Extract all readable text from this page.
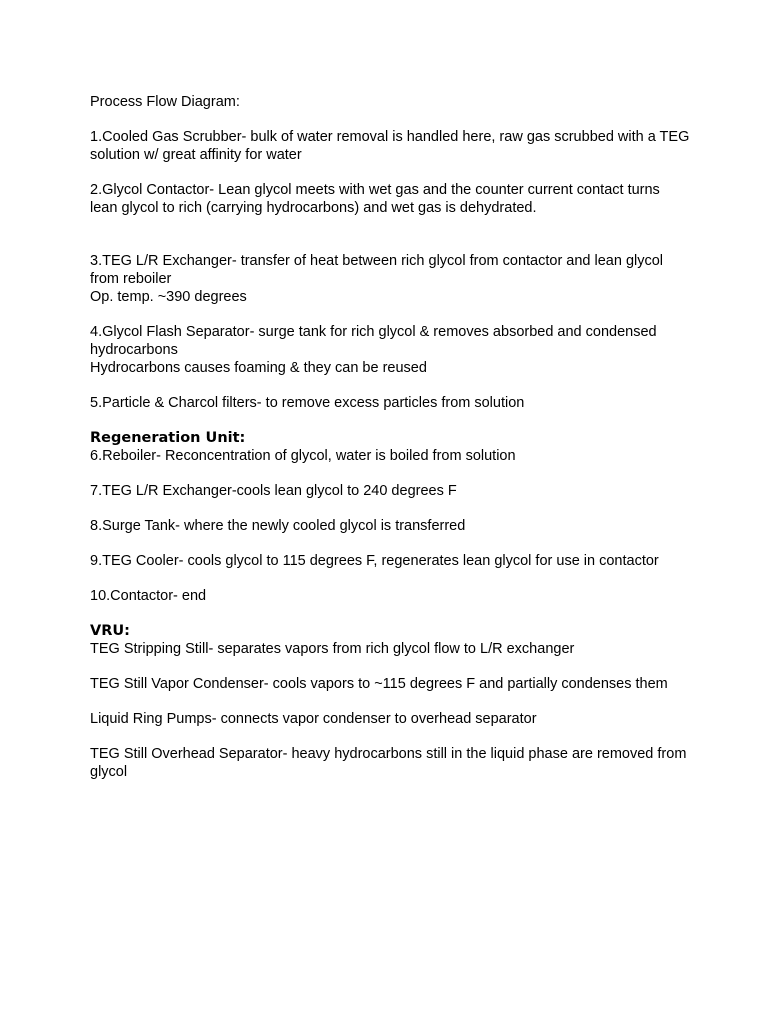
Process Flow Diagram:

1.Cooled Gas Scrubber- bulk of water removal is handled here, raw gas scrubbed with a TEG solution w/ great affinity for water

2.Glycol Contactor- Lean glycol meets with wet gas and the counter current contact turns lean glycol to rich (carrying hydrocarbons) and wet gas is dehydrated.

3.TEG L/R Exchanger- transfer of heat between rich glycol from contactor and lean glycol from reboiler

Op. temp. ~390 degrees

4.Glycol Flash Separator- surge tank for rich glycol & removes absorbed and condensed hydrocarbons

Hydrocarbons causes foaming & they can be reused

5.Particle & Charcol filters- to remove excess particles from solution

Regeneration Unit:

6.Reboiler- Reconcentration of glycol, water is boiled from solution

7.TEG L/R Exchanger-cools lean glycol to 240 degrees F

8.Surge Tank- where the newly cooled glycol is transferred

9.TEG Cooler- cools glycol to 115 degrees F, regenerates lean glycol for use in contactor

10.Contactor- end

VRU:

TEG Stripping Still- separates vapors from rich glycol flow to L/R exchanger

TEG Still Vapor Condenser- cools vapors to ~115 degrees F and partially condenses them

Liquid Ring Pumps- connects vapor condenser to overhead separator

TEG Still Overhead Separator- heavy hydrocarbons still in the liquid phase are removed from glycol
